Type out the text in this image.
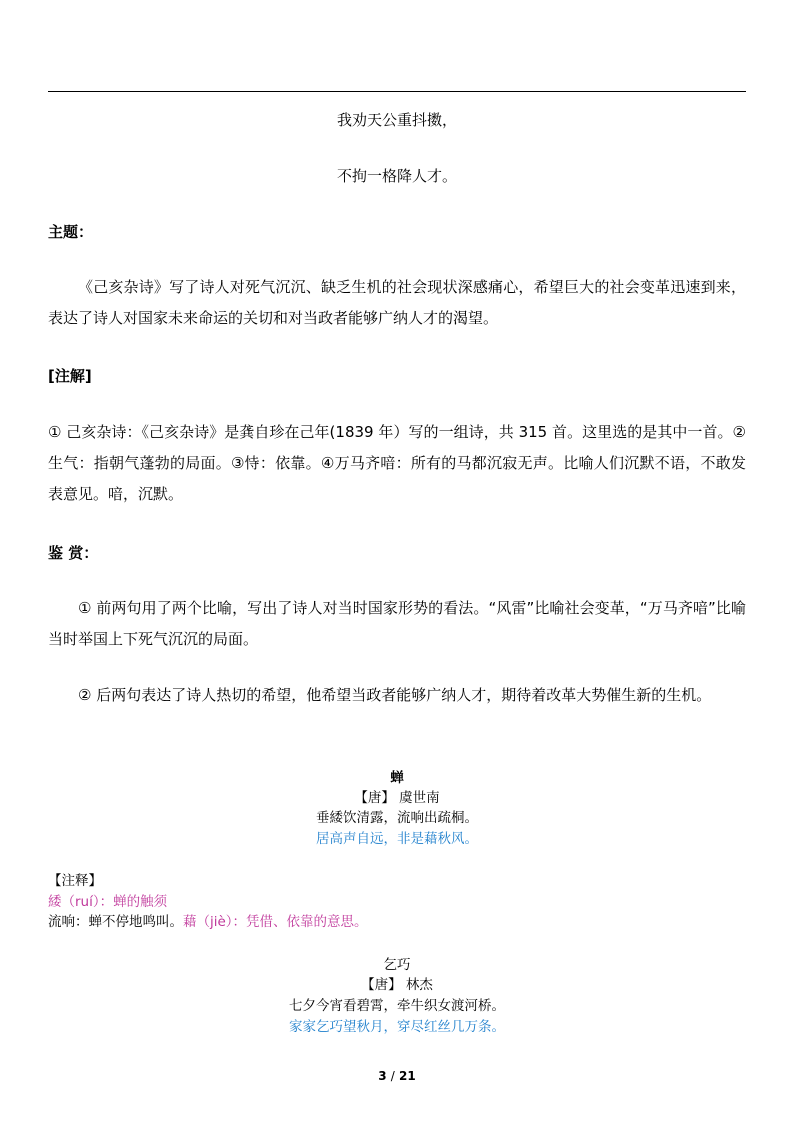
我劝天公重抖擞，
不拘一格降人才。
主题：
《己亥杂诗》写了诗人对死气沉沉、缺乏生机的社会现状深感痛心，希望巨大的社会变革迅速到来，表达了诗人对国家未来命运的关切和对当政者能够广纳人才的渴望。
[注解]
① 己亥杂诗：《己亥杂诗》是龚自珍在己年(1839 年）写的一组诗，共 315 首。这里选的是其中一首。②生气：指朝气蓬勃的局面。③恃：依靠。④万马齐喑：所有的马都沉寂无声。比喻人们沉默不语，不敢发表意见。喑，沉默。
鉴 赏：
① 前两句用了两个比喻，写出了诗人对当时国家形势的看法。“风雷”比喻社会变革，“万马齐喑”比喻当时举国上下死气沉沉的局面。
② 后两句表达了诗人热切的希望，他希望当政者能够广纳人才，期待着改革大势催生新的生机。
蝉
【唐】 虞世南
垂緌饮清露，流响出疏桐。
居高声自远，非是藉秋风。
【注释】
緌（ruí）：蝉的触须
流响：蝉不停地鸣叫。藉（jiè）：凭借、依靠的意思。
乞巧
【唐】 林杰
七夕今宵看碧霄，牵牛织女渡河桥。
家家乞巧望秋月，穿尽红丝几万条。
3 / 21
